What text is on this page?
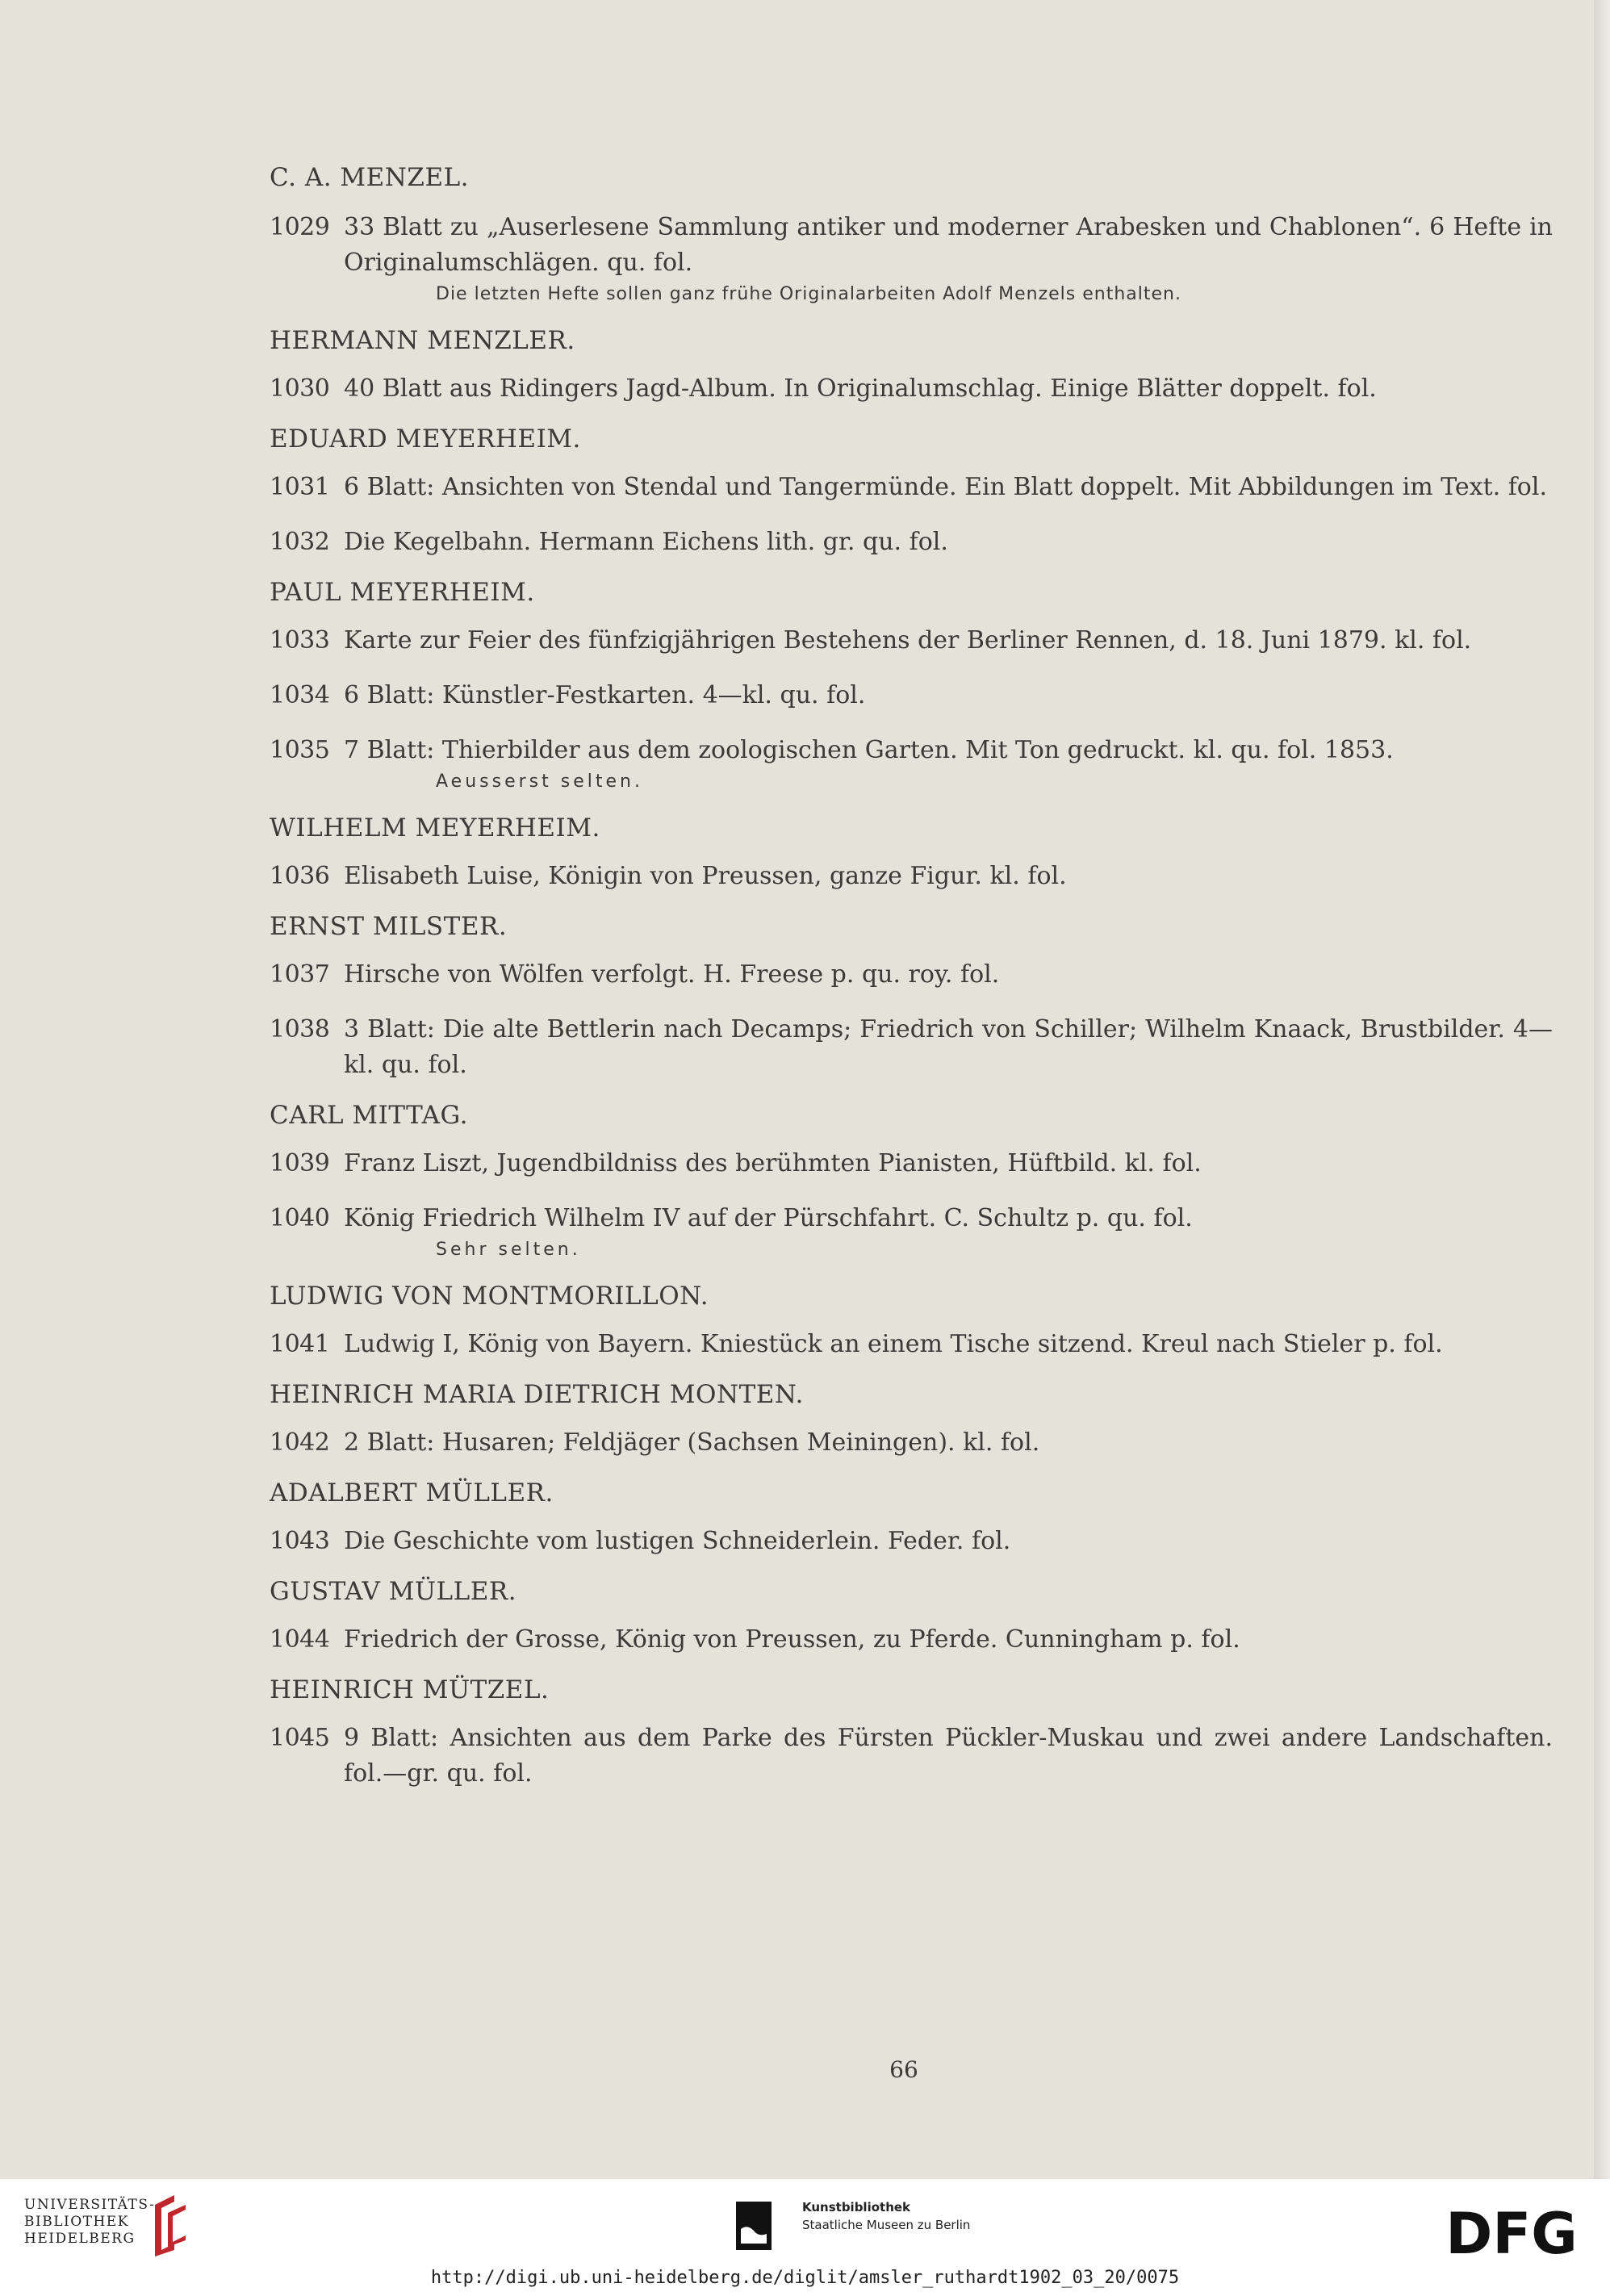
C. A. MENZEL.
1029 33 Blatt zu „Auserlesene Sammlung antiker und moderner Arabesken und Chablonen“. 6 Hefte in Originalumschlägen. qu. fol.
Die letzten Hefte sollen ganz frühe Originalarbeiten Adolf Menzels enthalten.
HERMANN MENZLER.
1030 40 Blatt aus Ridingers Jagd-Album. In Originalumschlag. Einige Blätter doppelt. fol.
EDUARD MEYERHEIM.
1031 6 Blatt: Ansichten von Stendal und Tangermünde. Ein Blatt doppelt. Mit Abbildungen im Text. fol.
1032 Die Kegelbahn. Hermann Eichens lith. gr. qu. fol.
PAUL MEYERHEIM.
1033 Karte zur Feier des fünfzigjährigen Bestehens der Berliner Rennen, d. 18. Juni 1879. kl. fol.
1034 6 Blatt: Künstler-Festkarten. 4—kl. qu. fol.
1035 7 Blatt: Thierbilder aus dem zoologischen Garten. Mit Ton gedruckt. kl. qu. fol. 1853.
Aeusserst selten.
WILHELM MEYERHEIM.
1036 Elisabeth Luise, Königin von Preussen, ganze Figur. kl. fol.
ERNST MILSTER.
1037 Hirsche von Wölfen verfolgt. H. Freese p. qu. roy. fol.
1038 3 Blatt: Die alte Bettlerin nach Decamps; Friedrich von Schiller; Wilhelm Knaack, Brustbilder. 4—kl. qu. fol.
CARL MITTAG.
1039 Franz Liszt, Jugendbildniss des berühmten Pianisten, Hüftbild. kl. fol.
1040 König Friedrich Wilhelm IV auf der Pürschfahrt. C. Schultz p. qu. fol.
Sehr selten.
LUDWIG VON MONTMORILLON.
1041 Ludwig I, König von Bayern. Kniestück an einem Tische sitzend. Kreul nach Stieler p. fol.
HEINRICH MARIA DIETRICH MONTEN.
1042 2 Blatt: Husaren; Feldjäger (Sachsen Meiningen). kl. fol.
ADALBERT MÜLLER.
1043 Die Geschichte vom lustigen Schneiderlein. Feder. fol.
GUSTAV MÜLLER.
1044 Friedrich der Grosse, König von Preussen, zu Pferde. Cunningham p. fol.
HEINRICH MÜTZEL.
1045 9 Blatt: Ansichten aus dem Parke des Fürsten Pückler-Muskau und zwei andere Landschaften. fol.—gr. qu. fol.
66
UNIVERSITÄTS-
BIBLIOTHEK
HEIDELBERG
Kunstbibliothek
Staatliche Museen zu Berlin	DFG
http://digi.ub.uni-heidelberg.de/diglit/amsler_ruthardt1902_03_20/0075
